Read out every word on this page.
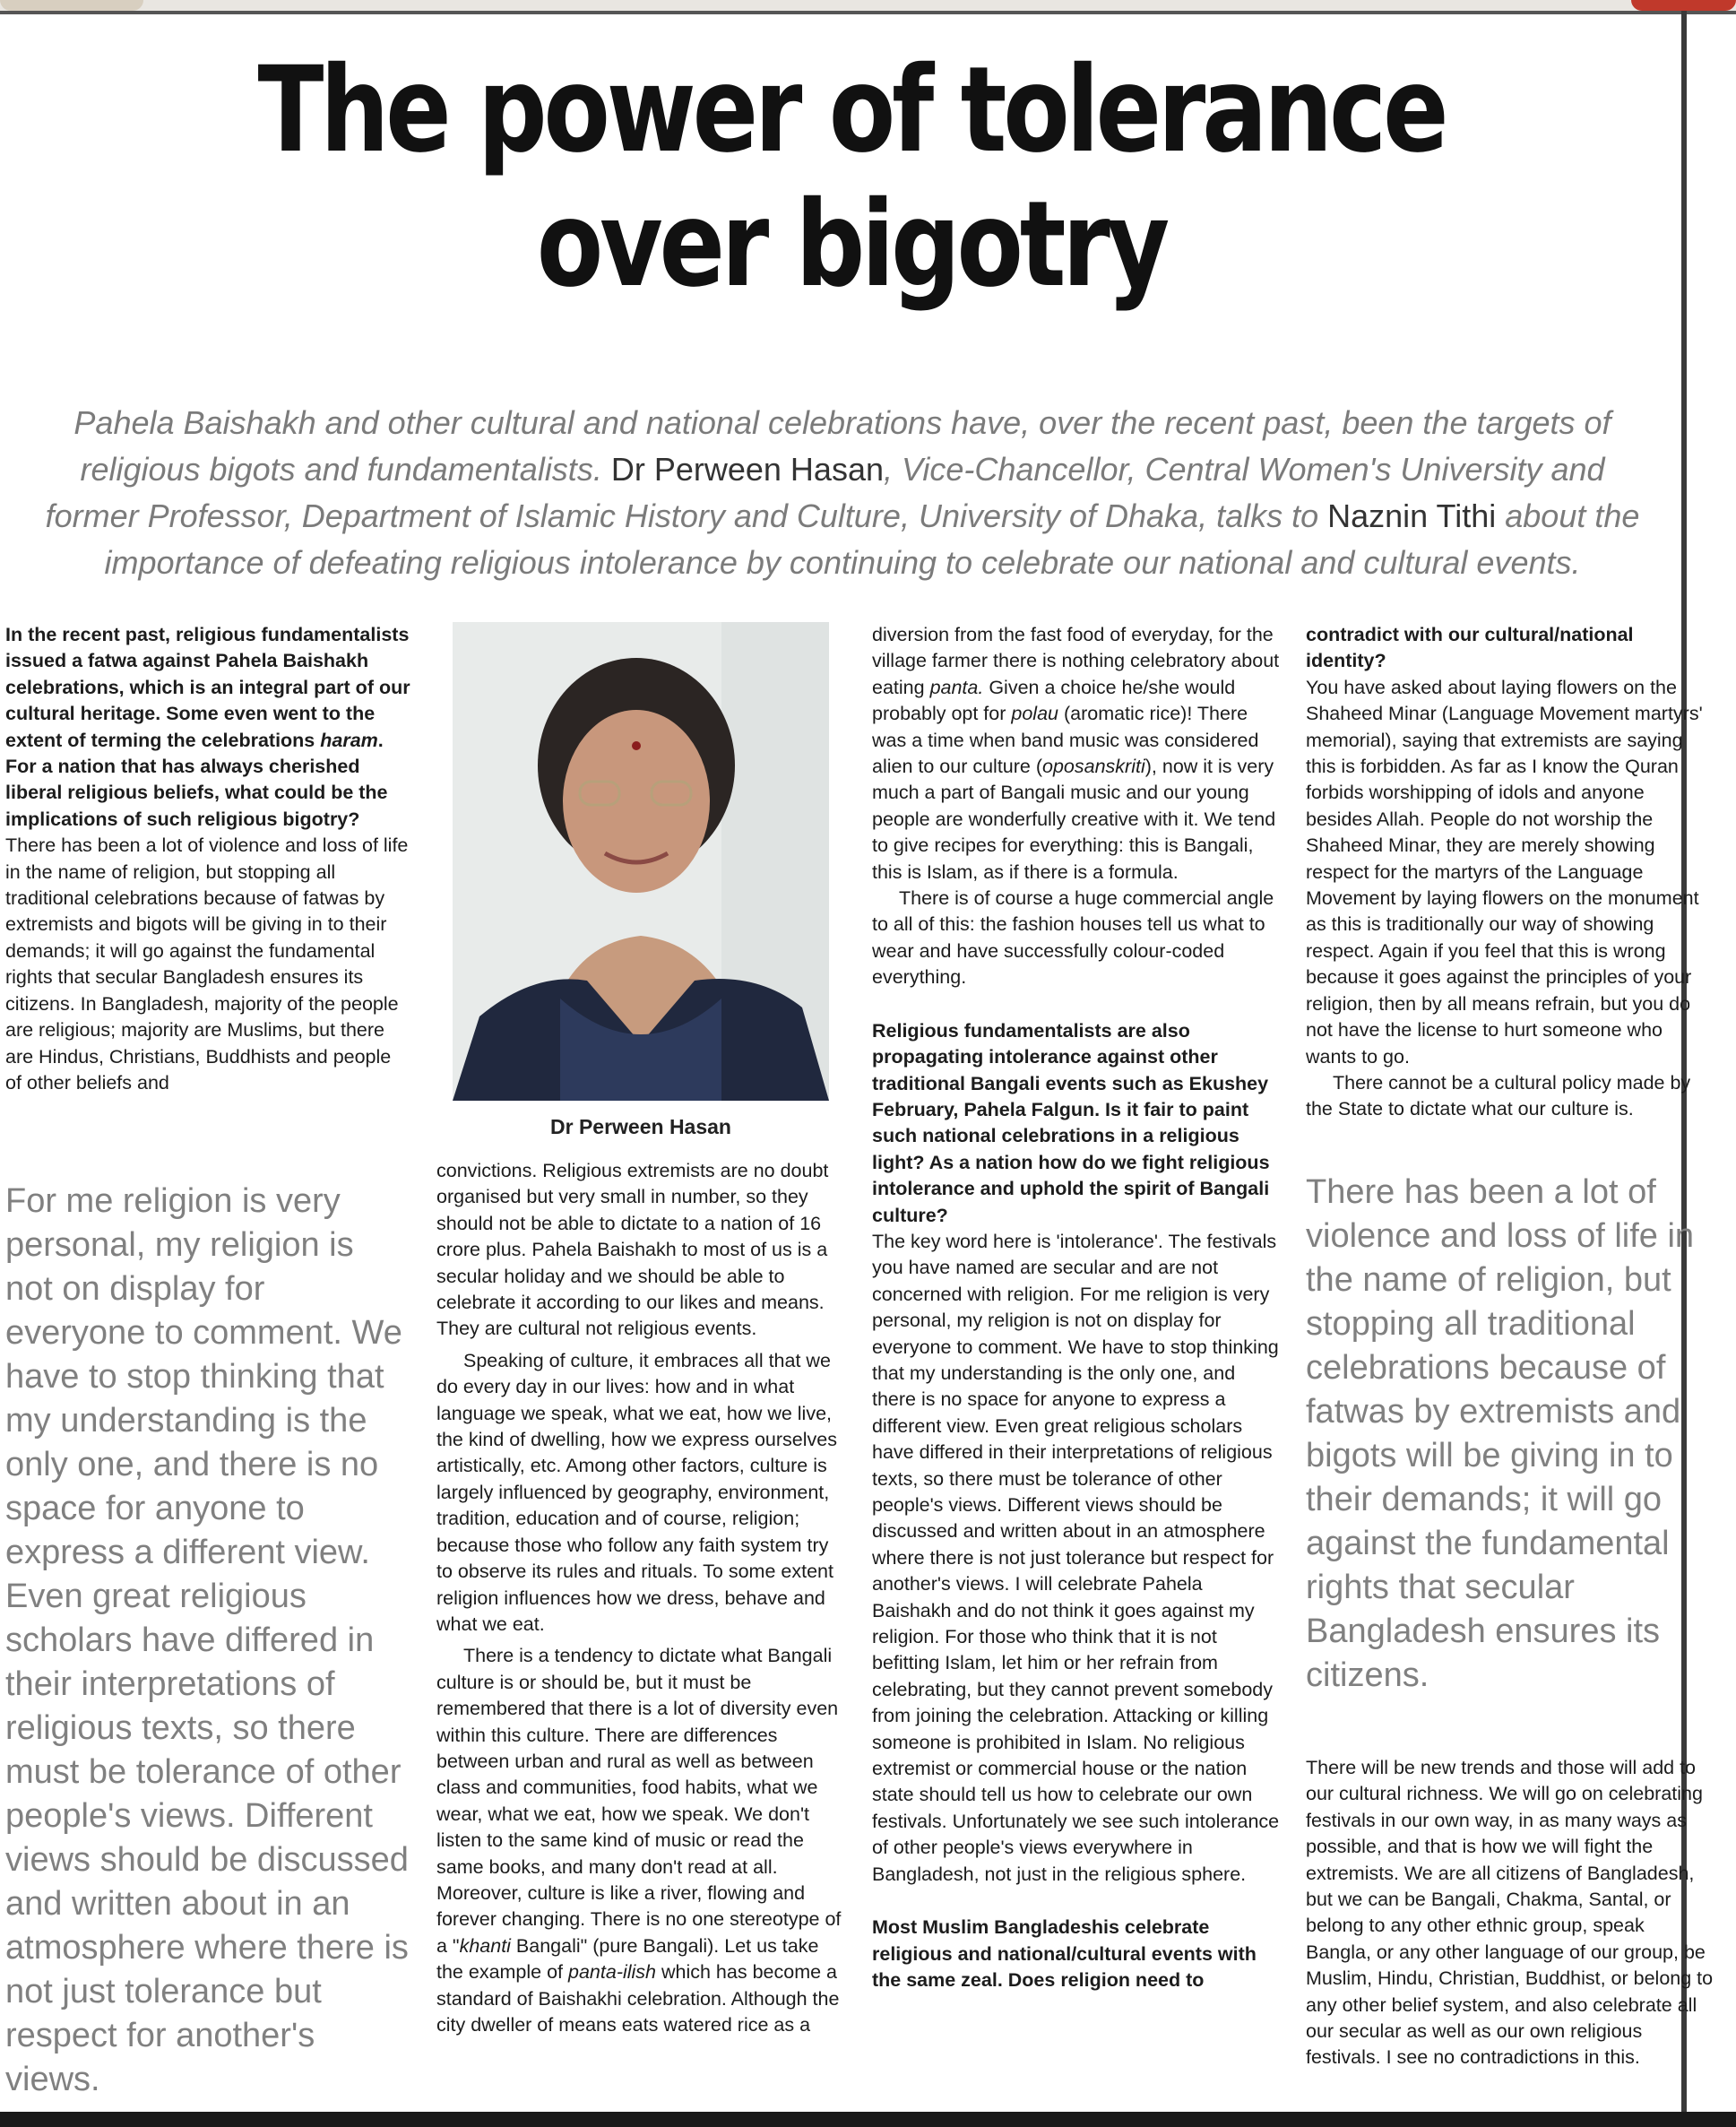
The power of tolerance
over bigotry

Pahela Baishakh and other cultural and national celebrations have, over the recent past, been the targets of religious bigots and fundamentalists. Dr Perween Hasan, Vice-Chancellor, Central Women's University and former Professor, Department of Islamic History and Culture, University of Dhaka, talks to Naznin Tithi about the importance of defeating religious intolerance by continuing to celebrate our national and cultural events.

In the recent past, religious fundamentalists issued a fatwa against Pahela Baishakh celebrations, which is an integral part of our cultural heritage. Some even went to the extent of terming the celebrations haram. For a nation that has always cherished liberal religious beliefs, what could be the implications of such religious bigotry?

There has been a lot of violence and loss of life in the name of religion, but stopping all traditional celebrations because of fatwas by extremists and bigots will be giving in to their demands; it will go against the fundamental rights that secular Bangladesh ensures its citizens. In Bangladesh, majority of the people are religious; majority are Muslims, but there are Hindus, Christians, Buddhists and people of other beliefs and

For me religion is very personal, my religion is not on display for everyone to comment. We have to stop thinking that my understanding is the only one, and there is no space for anyone to express a different view. Even great religious scholars have differed in their interpretations of religious texts, so there must be tolerance of other people's views. Different views should be discussed and written about in an atmosphere where there is not just tolerance but respect for another's views.

Dr Perween Hasan

convictions. Religious extremists are no doubt organised but very small in number, so they should not be able to dictate to a nation of 16 crore plus. Pahela Baishakh to most of us is a secular holiday and we should be able to celebrate it according to our likes and means. They are cultural not religious events.

Speaking of culture, it embraces all that we do every day in our lives: how and in what language we speak, what we eat, how we live, the kind of dwelling, how we express ourselves artistically, etc. Among other factors, culture is largely influenced by geography, environment, tradition, education and of course, religion; because those who follow any faith system try to observe its rules and rituals. To some extent religion influences how we dress, behave and what we eat.

There is a tendency to dictate what Bangali culture is or should be, but it must be remembered that there is a lot of diversity even within this culture. There are differences between urban and rural as well as between class and communities, food habits, what we wear, what we eat, how we speak. We don't listen to the same kind of music or read the same books, and many don't read at all. Moreover, culture is like a river, flowing and forever changing. There is no one stereotype of a "khanti Bangali" (pure Bangali). Let us take the example of panta-ilish which has become a standard of Baishakhi celebration. Although the city dweller of means eats watered rice as a

diversion from the fast food of everyday, for the village farmer there is nothing celebratory about eating panta. Given a choice he/she would probably opt for polau (aromatic rice)! There was a time when band music was considered alien to our culture (oposanskriti), now it is very much a part of Bangali music and our young people are wonderfully creative with it. We tend to give recipes for everything: this is Bangali, this is Islam, as if there is a formula.

There is of course a huge commercial angle to all of this: the fashion houses tell us what to wear and have successfully colour-coded everything.

Religious fundamentalists are also propagating intolerance against other traditional Bangali events such as Ekushey February, Pahela Falgun. Is it fair to paint such national celebrations in a religious light? As a nation how do we fight religious intolerance and uphold the spirit of Bangali culture?

The key word here is 'intolerance'. The festivals you have named are secular and are not concerned with religion. For me religion is very personal, my religion is not on display for everyone to comment. We have to stop thinking that my understanding is the only one, and there is no space for anyone to express a different view. Even great religious scholars have differed in their interpretations of religious texts, so there must be tolerance of other people's views. Different views should be discussed and written about in an atmosphere where there is not just tolerance but respect for another's views. I will celebrate Pahela Baishakh and do not think it goes against my religion. For those who think that it is not befitting Islam, let him or her refrain from celebrating, but they cannot prevent somebody from joining the celebration. Attacking or killing someone is prohibited in Islam. No religious extremist or commercial house or the nation state should tell us how to celebrate our own festivals. Unfortunately we see such intolerance of other people's views everywhere in Bangladesh, not just in the religious sphere.

Most Muslim Bangladeshis celebrate religious and national/cultural events with the same zeal. Does religion need to

contradict with our cultural/national identity?

You have asked about laying flowers on the Shaheed Minar (Language Movement martyrs' memorial), saying that extremists are saying this is forbidden. As far as I know the Quran forbids worshipping of idols and anyone besides Allah. People do not worship the Shaheed Minar, they are merely showing respect for the martyrs of the Language Movement by laying flowers on the monument as this is traditionally our way of showing respect. Again if you feel that this is wrong because it goes against the principles of your religion, then by all means refrain, but you do not have the license to hurt someone who wants to go.

There cannot be a cultural policy made by the State to dictate what our culture is.

There has been a lot of violence and loss of life in the name of religion, but stopping all traditional celebrations because of fatwas by extremists and bigots will be giving in to their demands; it will go against the fundamental rights that secular Bangladesh ensures its citizens.

There will be new trends and those will add to our cultural richness. We will go on celebrating festivals in our own way, in as many ways as possible, and that is how we will fight the extremists. We are all citizens of Bangladesh, but we can be Bangali, Chakma, Santal, or belong to any other ethnic group, speak Bangla, or any other language of our group, be Muslim, Hindu, Christian, Buddhist, or belong to any other belief system, and also celebrate all our secular as well as our own religious festivals. I see no contradictions in this.
